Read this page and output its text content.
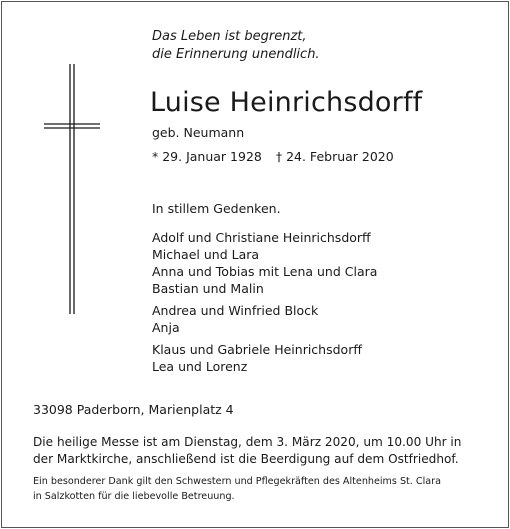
Das Leben ist begrenzt,
die Erinnerung unendlich.
Luise Heinrichsdorff
geb. Neumann
* 29. Januar 1928 † 24. Februar 2020
In stillem Gedenken.
Adolf und Christiane Heinrichsdorff
Michael und Lara
Anna und Tobias mit Lena und Clara
Bastian und Malin
Andrea und Winfried Block
Anja
Klaus und Gabriele Heinrichsdorff
Lea und Lorenz
33098 Paderborn, Marienplatz 4
Die heilige Messe ist am Dienstag, dem 3. März 2020, um 10.00 Uhr in
der Marktkirche, anschließend ist die Beerdigung auf dem Ostfriedhof.
Ein besonderer Dank gilt den Schwestern und Pflegekräften des Altenheims St. Clara
in Salzkotten für die liebevolle Betreuung.
